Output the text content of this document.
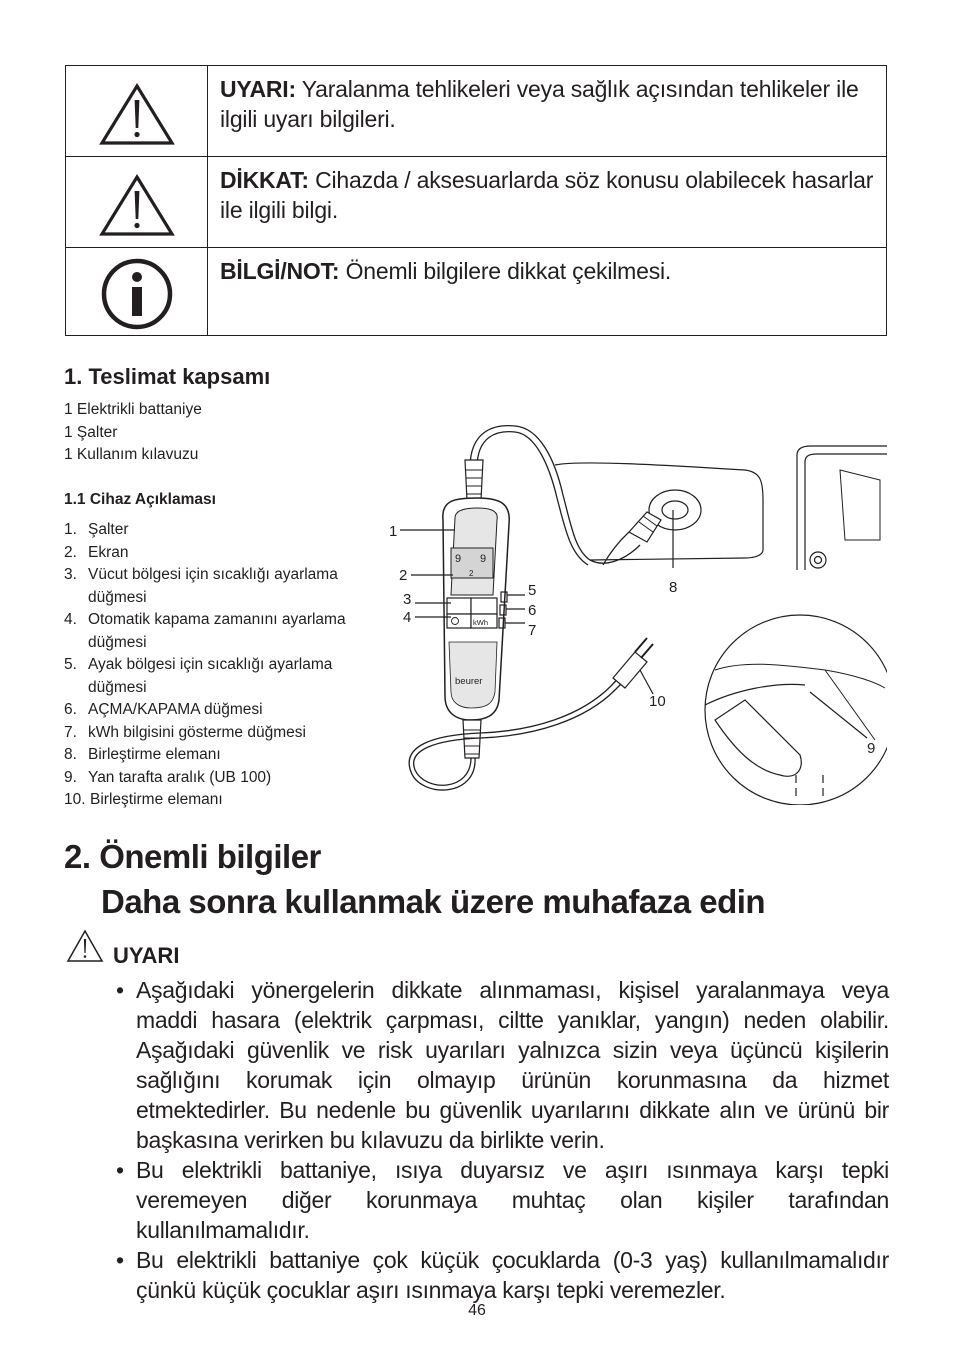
UYARI: Yaralanma tehlikeleri veya sağlık açısından tehlikeler ile ilgili uyarı bilgileri.
DİKKAT: Cihazda / aksesuarlarda söz konusu olabilecek hasarlar ile ilgili bilgi.
BİLGİ/NOT: Önemli bilgilere dikkat çekilmesi.
1. Teslimat kapsamı
1 Elektrikli battaniye
1 Şalter
1 Kullanım kılavuzu
1.1 Cihaz Açıklaması
1. Şalter
2. Ekran
3. Vücut bölgesi için sıcaklığı ayarlama düğmesi
4. Otomatik kapama zamanını ayarlama düğmesi
5. Ayak bölgesi için sıcaklığı ayarlama düğmesi
6. AÇMA/KAPAMA düğmesi
7. kWh bilgisini gösterme düğmesi
8. Birleştirme elemanı
9. Yan tarafta aralık (UB 100)
10. Birleştirme elemanı
9 9
2
kWh
beurer
1
2
3
4
5
6
7
8
9
10
2. Önemli bilgiler
Daha sonra kullanmak üzere muhafaza edin
UYARI
• Aşağıdaki yönergelerin dikkate alınmaması, kişisel yaralanmaya veya maddi hasara (elektrik çarpması, ciltte yanıklar, yangın) neden olabilir. Aşağıdaki güvenlik ve risk uyarıları yalnızca sizin veya üçüncü kişilerin sağlığını korumak için olmayıp ürünün korunmasına da hizmet etmektedirler. Bu nedenle bu güvenlik uyarılarını dikkate alın ve ürünü bir başkasına verirken bu kılavuzu da birlikte verin.
• Bu elektrikli battaniye, ısıya duyarsız ve aşırı ısınmaya karşı tepki veremeyen diğer korunmaya muhtaç olan kişiler tarafından kullanılmamalıdır.
• Bu elektrikli battaniye çok küçük çocuklarda (0-3 yaş) kullanılmamalıdır çünkü küçük çocuklar aşırı ısınmaya karşı tepki veremezler.
46
